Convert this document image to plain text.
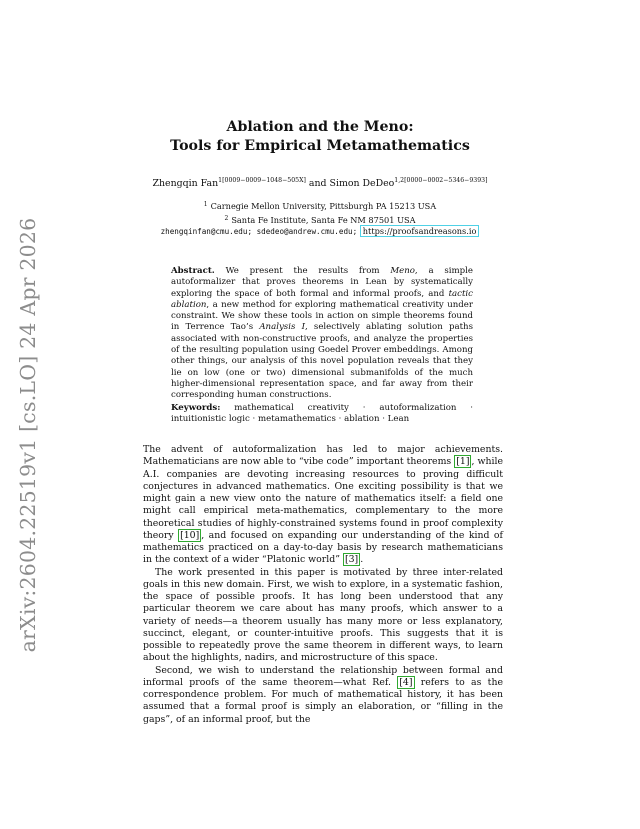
arXiv:2604.22519v1 [cs.LO] 24 Apr 2026
Ablation and the Meno:
Tools for Empirical Metamathematics
Zhengqin Fan$^{1[0009-0009-1048-505X]}$ and Simon DeDeo$^{1,2[0000-0002-5346-9393]}$
$^1$ Carnegie Mellon University, Pittsburgh PA 15213 USA
$^2$ Santa Fe Institute, Santa Fe NM 87501 USA
zhengqinfan@cmu.edu; sdedeo@andrew.cmu.edu; https://proofsandreasons.io
Abstract. We present the results from Meno, a simple autoformalizer that proves theorems in Lean by systematically exploring the space of both formal and informal proofs, and tactic ablation, a new method for exploring mathematical creativity under constraint. We show these tools in action on simple theorems found in Terrence Tao’s Analysis I, selectively ablating solution paths associated with non-constructive proofs, and analyze the properties of the resulting population using Goedel Prover embeddings. Among other things, our analysis of this novel population reveals that they lie on low (one or two) dimensional submanifolds of the much higher-dimensional representation space, and far away from their corresponding human constructions.
Keywords: mathematical creativity · autoformalization · intuitionistic logic · metamathematics · ablation · Lean

The advent of autoformalization has led to major achievements. Mathematicians are now able to “vibe code” important theorems [1] , while A.I. companies are devoting increasing resources to proving difficult conjectures in advanced mathematics. One exciting possibility is that we might gain a new view onto the nature of mathematics itself: a field one might call empirical meta-mathematics, complementary to the more theoretical studies of highly-constrained systems found in proof complexity theory [10] , and focused on expanding our understanding of the kind of mathematics practiced on a day-to-day basis by research mathematicians in the context of a wider “Platonic world” [3] .

The work presented in this paper is motivated by three inter-related goals in this new domain. First, we wish to explore, in a systematic fashion, the space of possible proofs. It has long been understood that any particular theorem we care about has many proofs, which answer to a variety of needs—a theorem usually has many more or less explanatory, succinct, elegant, or counter-intuitive proofs. This suggests that it is possible to repeatedly prove the same theorem in different ways, to learn about the highlights, nadirs, and microstructure of this space.

Second, we wish to understand the relationship between formal and informal proofs of the same theorem—what Ref. [4] refers to as the correspondence problem. For much of mathematical history, it has been assumed that a formal proof is simply an elaboration, or “filling in the gaps”, of an informal proof, but the
